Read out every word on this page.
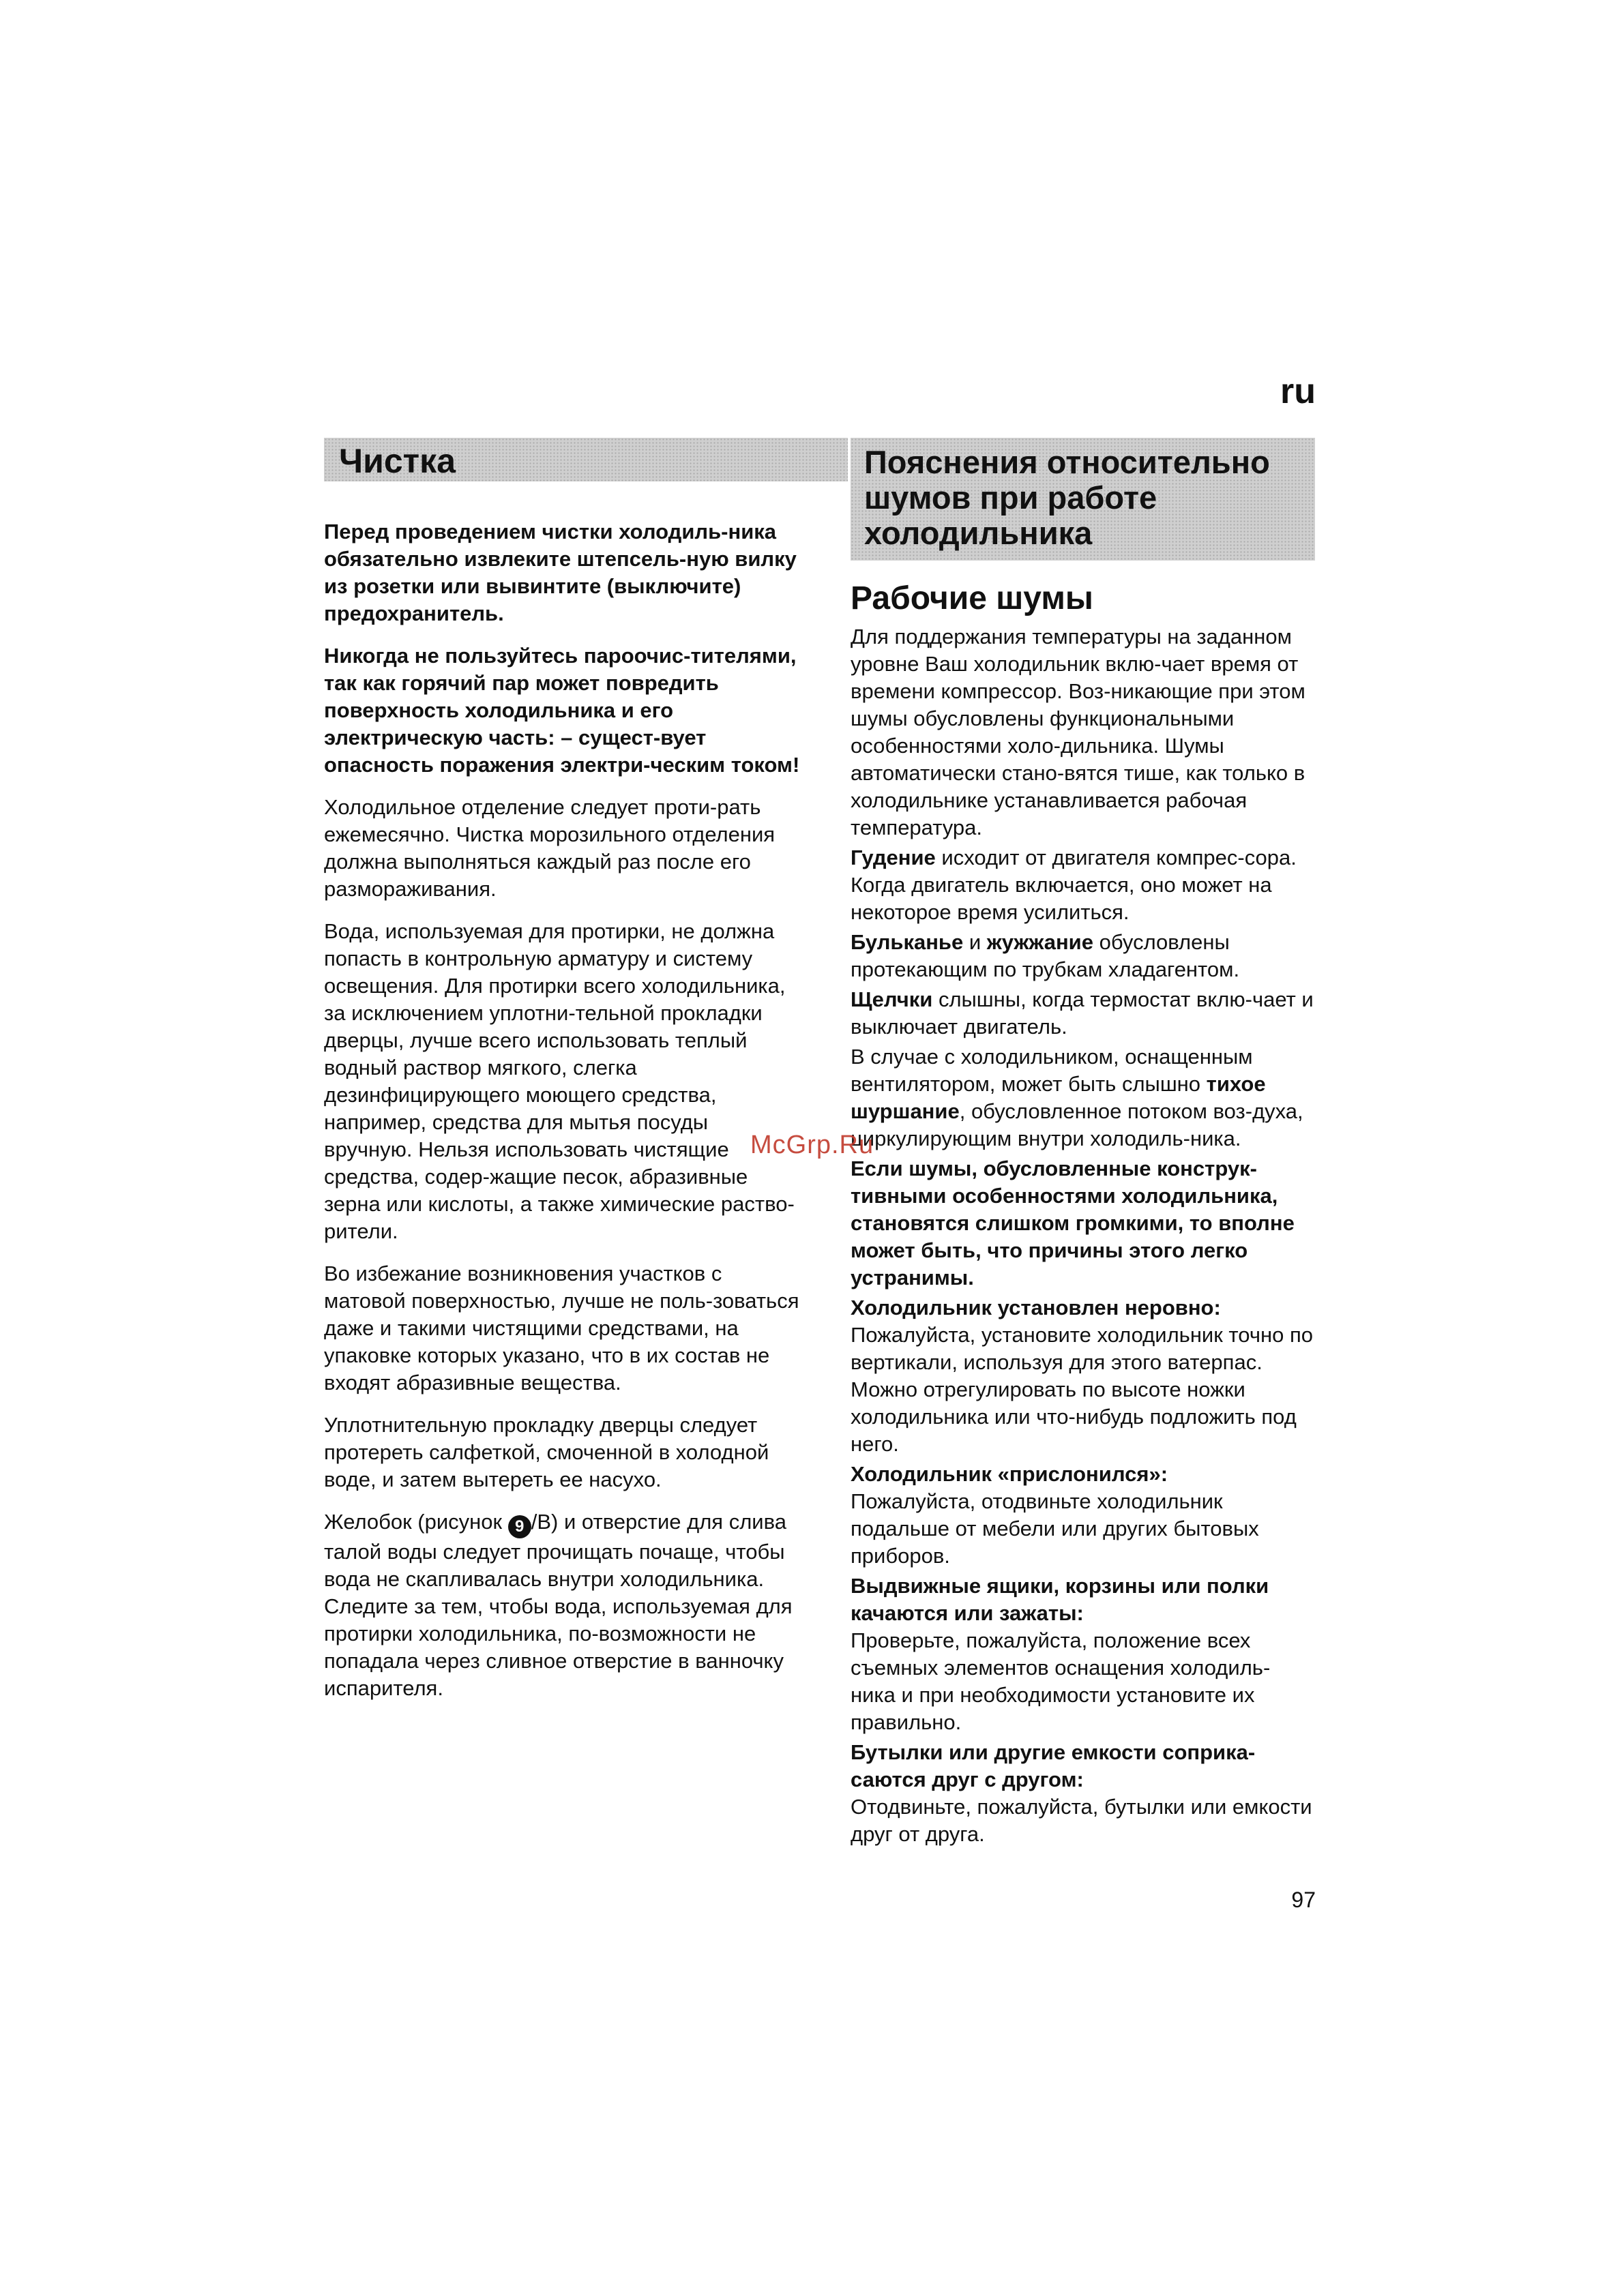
ru

Чистка	Пояснения относительно шумов при работе холодильника

Перед проведением чистки холодиль-ника обязательно извлеките штепсель-ную вилку из розетки или вывинтите (выключите) предохранитель.

Никогда не пользуйтесь пароочис-тителями, так как горячий пар может повредить поверхность холодильника и его электрическую часть: – сущест-вует опасность поражения электри-ческим током!

Холодильное отделение следует проти-рать ежемесячно. Чистка морозильного отделения должна выполняться каждый раз после его размораживания.

Вода, используемая для протирки, не должна попасть в контрольную арматуру и систему освещения. Для протирки всего холодильника, за исключением уплотни-тельной прокладки дверцы, лучше всего использовать теплый водный раствор мягкого, слегка дезинфицирующего моющего средства, например, средства для мытья посуды вручную. Нельзя использовать чистящие средства, содер-жащие песок, абразивные зерна или кислоты, а также химические раство-рители.

Во избежание возникновения участков с матовой поверхностью, лучше не поль-зоваться даже и такими чистящими средствами, на упаковке которых указано, что в их состав не входят абразивные вещества.

Уплотнительную прокладку дверцы следует протереть салфеткой, смоченной в холодной воде, и затем вытереть ее насухо.

Желобок (рисунок 9 /B) и отверстие для слива талой воды следует прочищать почаще, чтобы вода не скапливалась внутри холодильника. Следите за тем, чтобы вода, используемая для протирки холодильника, по-возможности не попадала через сливное отверстие в ванночку испарителя.

Рабочие шумы

Для поддержания температуры на заданном уровне Ваш холодильник вклю-чает время от времени компрессор. Воз-никающие при этом шумы обусловлены функциональными особенностями холо-дильника. Шумы автоматически стано-вятся тише, как только в холодильнике устанавливается рабочая температура.

Гудение исходит от двигателя компрес-сора. Когда двигатель включается, оно может на некоторое время усилиться.

Бульканье и жужжание обусловлены протекающим по трубкам хладагентом.

Щелчки слышны, когда термостат вклю-чает и выключает двигатель.

В случае с холодильником, оснащенным вентилятором, может быть слышно тихое шуршание, обусловленное потоком воз-духа, циркулирующим внутри холодиль-ника.

Если шумы, обусловленные конструк-тивными особенностями холодильника, становятся слишком громкими, то вполне может быть, что причины этого легко устранимы.

Холодильник установлен неровно:

Пожалуйста, установите холодильник точно по вертикали, используя для этого ватерпас. Можно отрегулировать по высоте ножки холодильника или что-нибудь подложить под него.

Холодильник «прислонился»:

Пожалуйста, отодвиньте холодильник подальше от мебели или других бытовых приборов.

Выдвижные ящики, корзины или полки качаются или зажаты:

Проверьте, пожалуйста, положение всех съемных элементов оснащения холодиль-ника и при необходимости установите их правильно.

Бутылки или другие емкости соприка-саются друг с другом:

Отодвиньте, пожалуйста, бутылки или емкости друг от друга.

McGrp.Ru

97
